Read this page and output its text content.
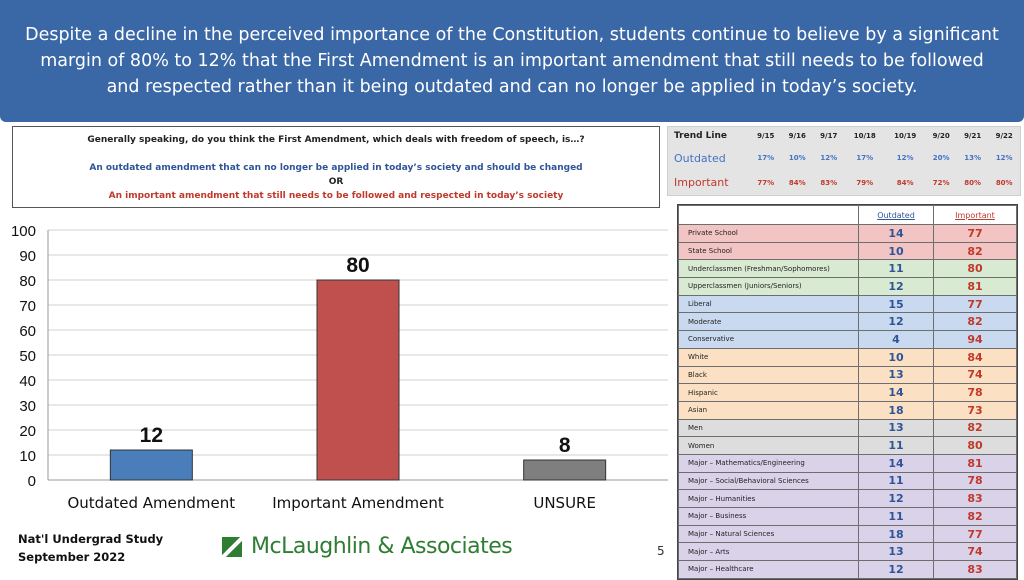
Despite a decline in the perceived importance of the Constitution, students continue to believe by a significant margin of 80% to 12% that the First Amendment is an important amendment that still needs to be followed and respected rather than it being outdated and can no longer be applied in today’s society.
Generally speaking, do you think the First Amendment, which deals with freedom of speech, is…?
An outdated amendment that can no longer be applied in today’s society and should be changed
OR
An important amendment that still needs to be followed and respected in today’s society
Trend Line	9/15	9/16	9/17	10/18	10/19	9/20	9/21	9/22
Outdated	17%	10%	12%	17%	12%	20%	13%	12%
Important	77%	84%	83%	79%	84%	72%	80%	80%
	Outdated	Important
Private School	14	77
State School	10	82
Underclassmen (Freshman/Sophomores)	11	80
Upperclassmen (Juniors/Seniors)	12	81
Liberal	15	77
Moderate	12	82
Conservative	4	94
White	10	84
Black	13	74
Hispanic	14	78
Asian	18	73
Men	13	82
Women	11	80
Major – Mathematics/Engineering	14	81
Major – Social/Behavioral Sciences	11	78
Major – Humanities	12	83
Major – Business	11	82
Major – Natural Sciences	18	77
Major – Arts	13	74
Major – Healthcare	12	83
0
10
20
30
40
50
60
70
80
90
100
12
Outdated Amendment
80
Important Amendment
8
UNSURE
Nat'l Undergrad Study
September 2022	McLaughlin & Associates	5
